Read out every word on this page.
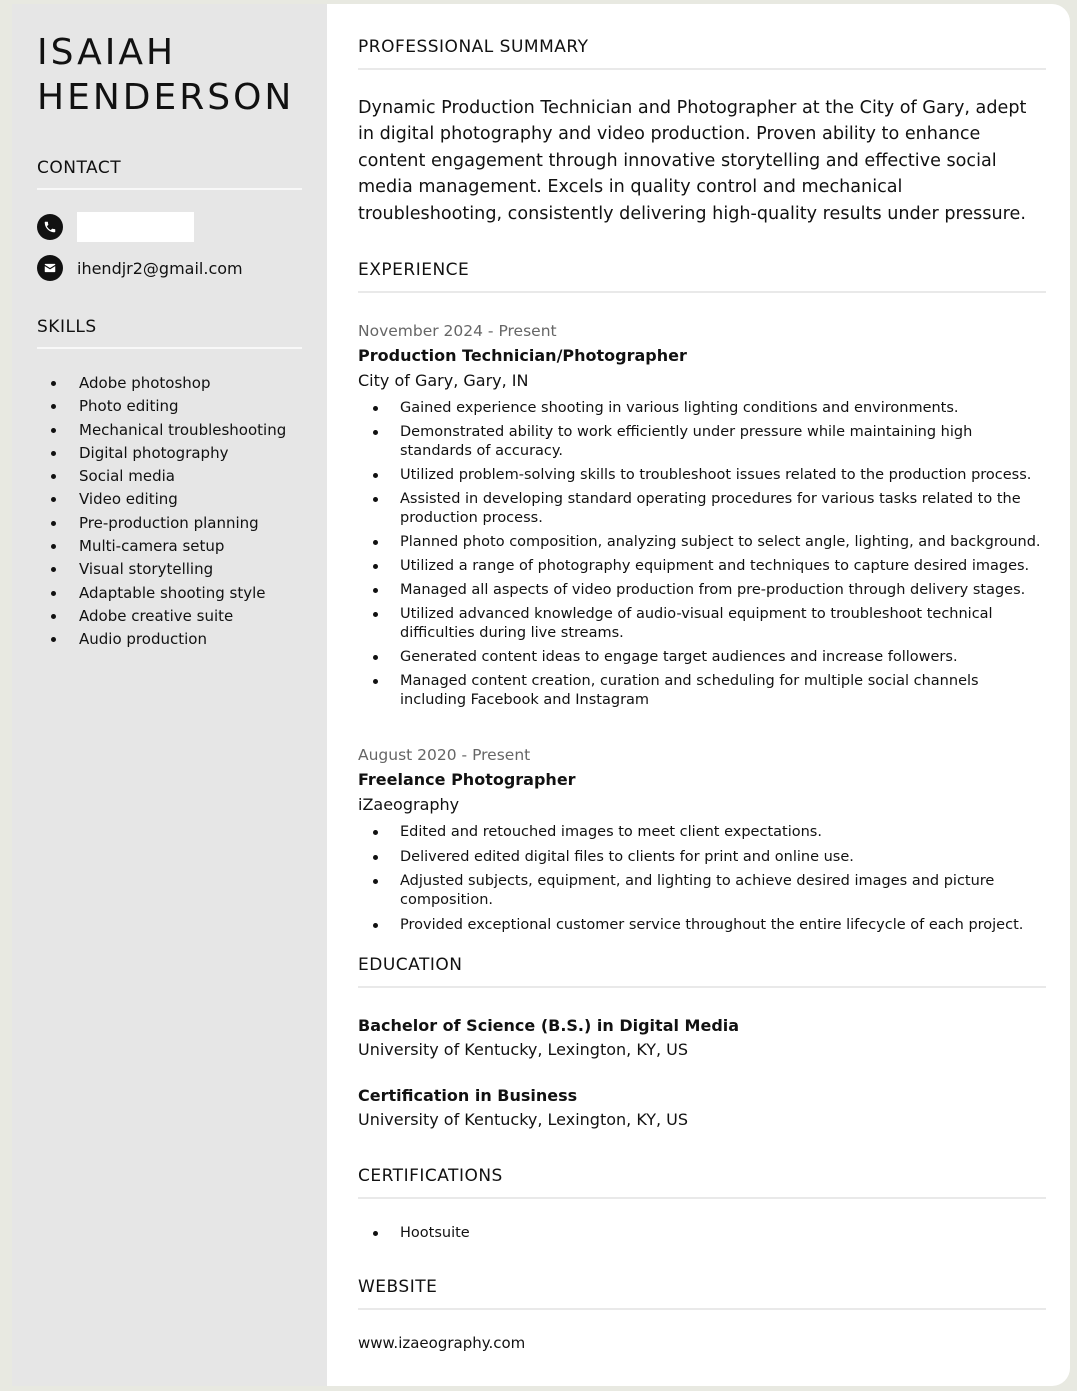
ISAIAH
HENDERSON
CONTACT
ihendjr2@gmail.com
SKILLS
Adobe photoshop
Photo editing
Mechanical troubleshooting
Digital photography
Social media
Video editing
Pre-production planning
Multi-camera setup
Visual storytelling
Adaptable shooting style
Adobe creative suite
Audio production
PROFESSIONAL SUMMARY

Dynamic Production Technician and Photographer at the City of Gary, adept in digital photography and video production. Proven ability to enhance content engagement through innovative storytelling and effective social media management. Excels in quality control and mechanical troubleshooting, consistently delivering high-quality results under pressure.

EXPERIENCE
November 2024 - Present
Production Technician/Photographer
City of Gary, Gary, IN
Gained experience shooting in various lighting conditions and environments.
Demonstrated ability to work efficiently under pressure while maintaining high standards of accuracy.
Utilized problem-solving skills to troubleshoot issues related to the production process.
Assisted in developing standard operating procedures for various tasks related to the production process.
Planned photo composition, analyzing subject to select angle, lighting, and background.
Utilized a range of photography equipment and techniques to capture desired images.
Managed all aspects of video production from pre-production through delivery stages.
Utilized advanced knowledge of audio-visual equipment to troubleshoot technical difficulties during live streams.
Generated content ideas to engage target audiences and increase followers.
Managed content creation, curation and scheduling for multiple social channels including Facebook and Instagram
August 2020 - Present
Freelance Photographer
iZaeography
Edited and retouched images to meet client expectations.
Delivered edited digital files to clients for print and online use.
Adjusted subjects, equipment, and lighting to achieve desired images and picture composition.
Provided exceptional customer service throughout the entire lifecycle of each project.
EDUCATION
Bachelor of Science (B.S.) in Digital Media
University of Kentucky, Lexington, KY, US
Certification in Business
University of Kentucky, Lexington, KY, US
CERTIFICATIONS
Hootsuite
WEBSITE
www.izaeography.com
